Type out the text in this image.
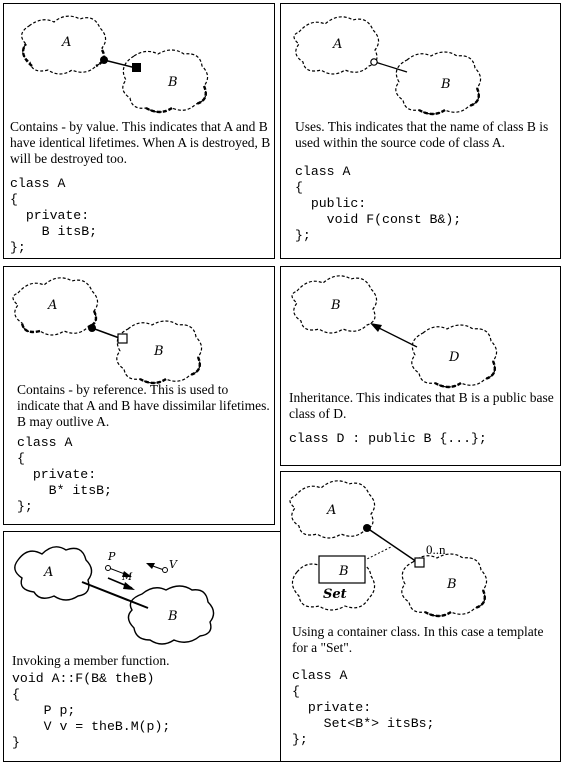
A
B
Contains - by value. This indicates that A and B have identical lifetimes. When A is destroyed, B will be destroyed too.
class A
{
private:
B itsB;
};
A
B
Uses. This indicates that the name of class B is used within the source code of class A.
class A
{
public:
void F(const B&);
};
A
B
Contains - by reference. This is used to indicate that A and B have dissimilar lifetimes. B may outlive A.
class A
{
private:
B* itsB;
};
B
D
Inheritance. This indicates that B is a public base class of D.
class D : public B {...};
P
V
M
A
B
Invoking a member function.
void A::F(B& theB)
{
P p;
V v = theB.M(p);
}
0..n
A
B
B
Set
Using a container class. In this case a template for a "Set".
class A
{
private:
Set<B*> itsBs;
};
